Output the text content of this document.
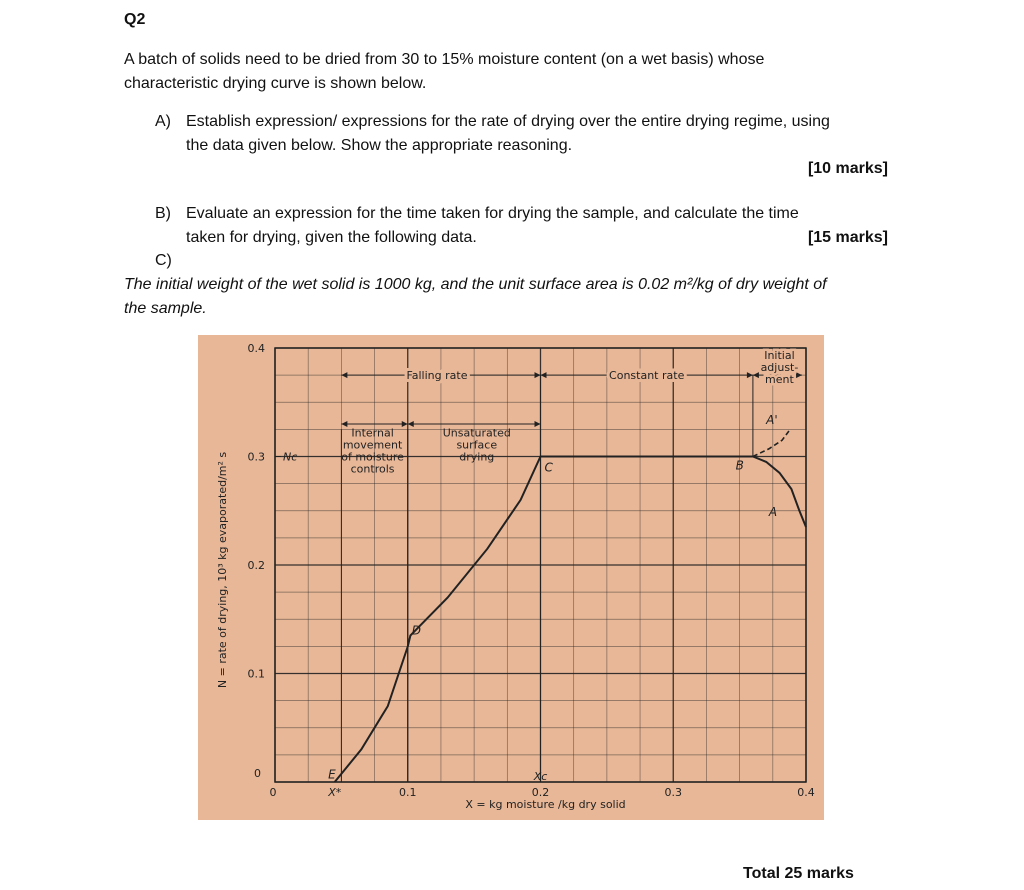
Q2
A batch of solids need to be dried from 30 to 15% moisture content (on a wet basis) whose
characteristic drying curve is shown below.
A) Establish expression/ expressions for the rate of drying over the entire drying regime, using
the data given below. Show the appropriate reasoning.
[10 marks]
B) Evaluate an expression for the time taken for drying the sample, and calculate the time
taken for drying, given the following data.	[15 marks]
C)
The initial weight of the wet solid is 1000 kg, and the unit surface area is 0.02 m²/kg of dry weight of
the sample.
0	0.1	0.2	0.3	0.4
0
0.1
0.2
0.3
0.4
X = kg moisture /kg dry solid
N = rate of drying, 10³ kg evaporated/m² s
Falling rate	Constant rate
Initial
adjust-
ment
Internal
movement
of moisture
controls
Unsaturated
surface
drying
A
A'
B
C
D
E
X*
Xc
Nc
Total 25 marks
